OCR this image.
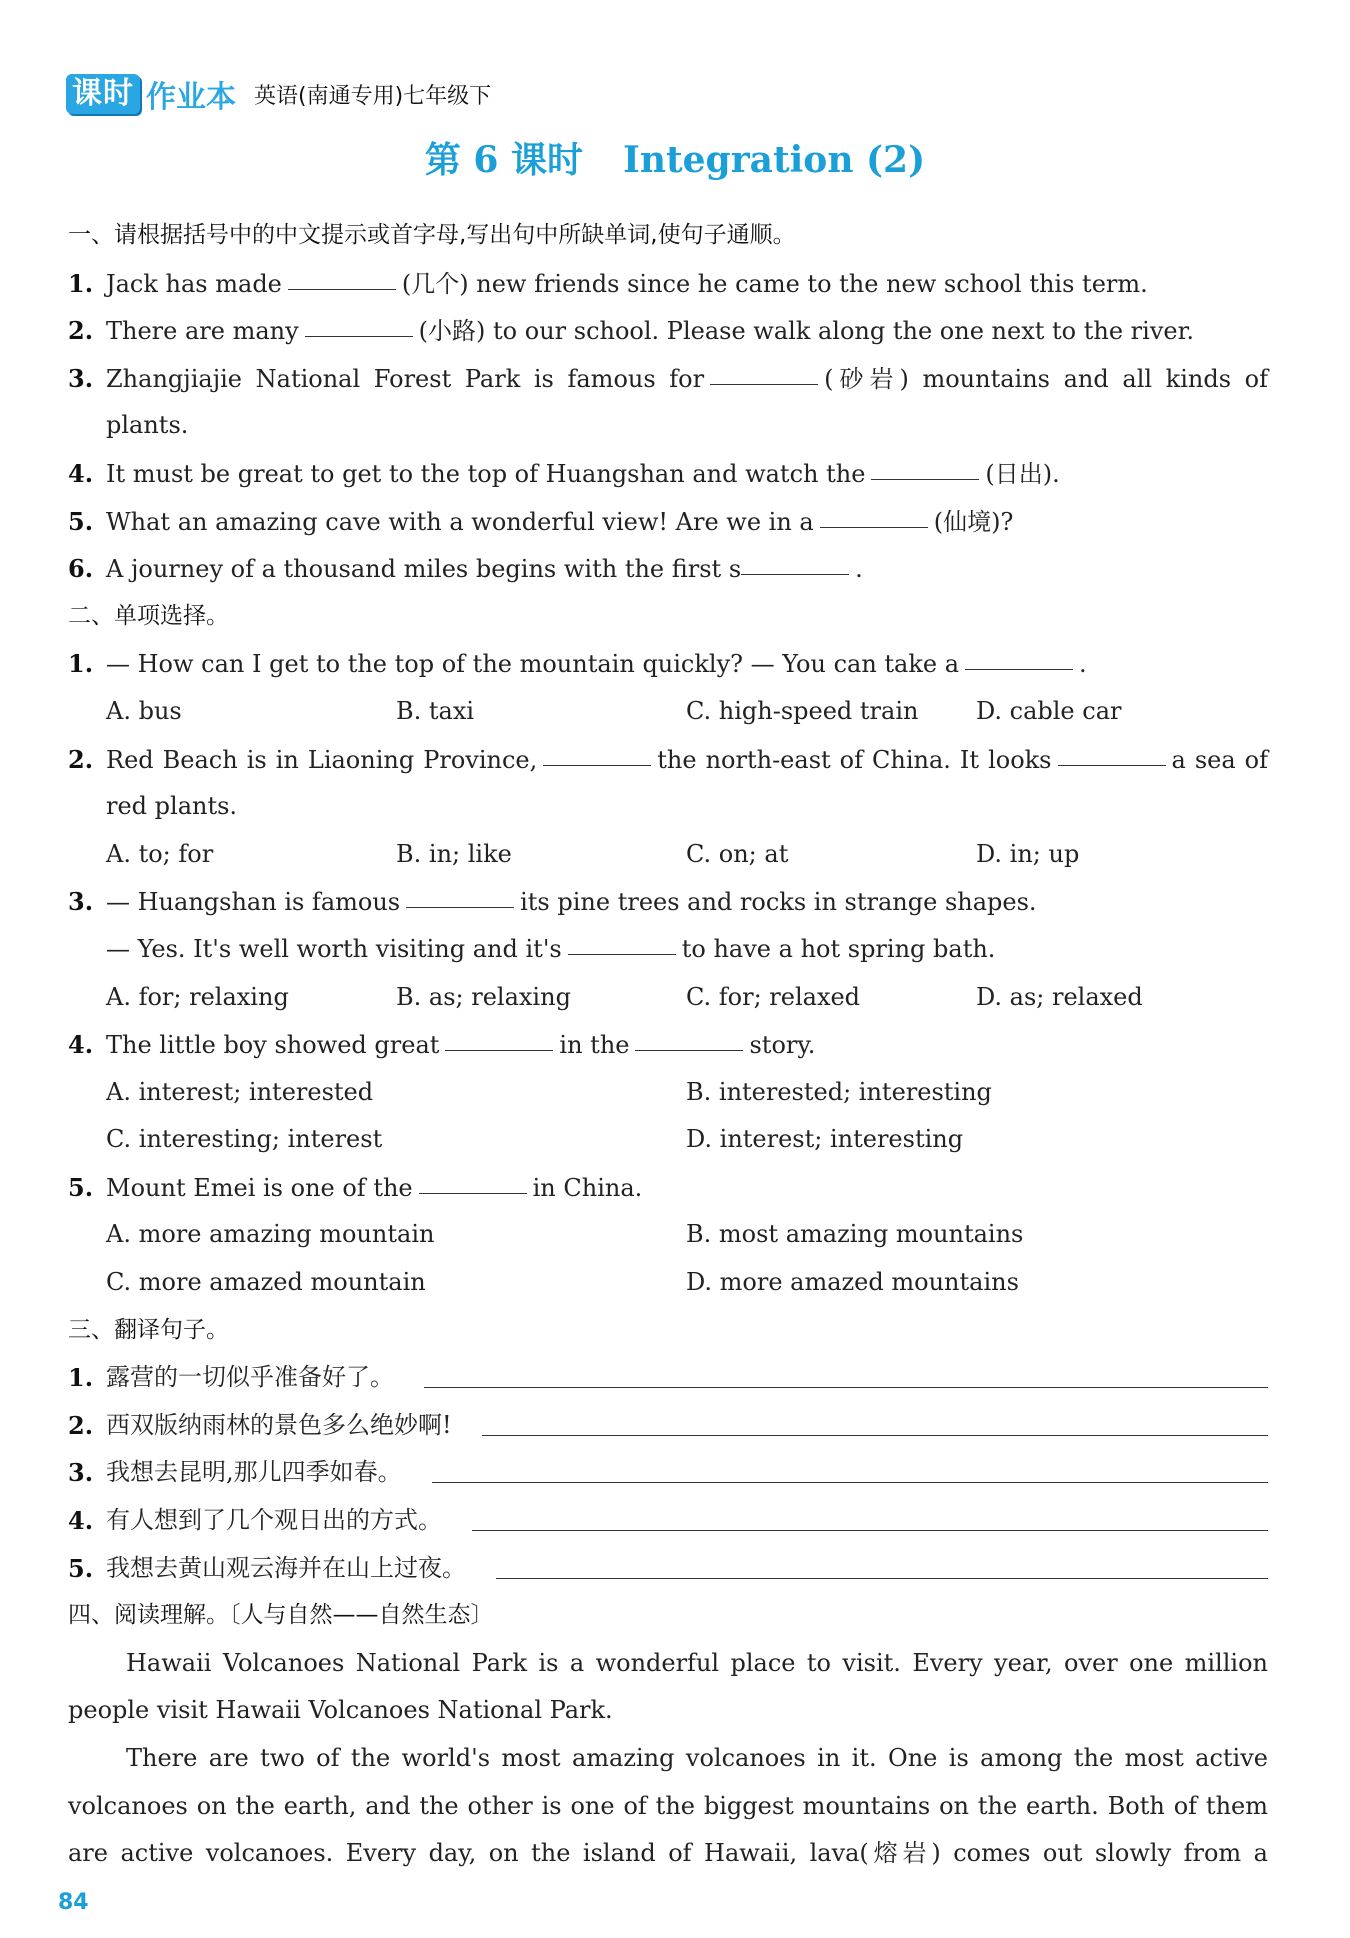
课时 作业本 英语(南通专用)七年级下
第 6 课时 Integration (2)
一、请根据括号中的中文提示或首字母,写出句中所缺单词,使句子通顺。
1. Jack has made	(几个) new friends since he came to the new school this term.
2. There are many	(小路) to our school. Please walk along the one next to the river.
3. Zhangjiajie National Forest Park is famous for	(砂岩) mountains and all kinds of
plants.
4. It must be great to get to the top of Huangshan and watch the	(日出).
5. What an amazing cave with a wonderful view! Are we in a	(仙境)?
6. A journey of a thousand miles begins with the first s	.
二、单项选择。
1. — How can I get to the top of the mountain quickly? — You can take a	.
A. bus	B. taxi	C. high-speed train	D. cable car
2. Red Beach is in Liaoning Province,	the north-east of China. It looks	a sea of
red plants.
A. to; for	B. in; like	C. on; at	D. in; up
3. — Huangshan is famous	its pine trees and rocks in strange shapes.
— Yes. It's well worth visiting and it's	to have a hot spring bath.
A. for; relaxing	B. as; relaxing	C. for; relaxed	D. as; relaxed
4. The little boy showed great	in the	story.
A. interest; interested	B. interested; interesting
C. interesting; interest	D. interest; interesting
5. Mount Emei is one of the	in China.
A. more amazing mountain	B. most amazing mountains
C. more amazed mountain	D. more amazed mountains
三、翻译句子。
1. 露营的一切似乎准备好了。
2. 西双版纳雨林的景色多么绝妙啊!
3. 我想去昆明,那儿四季如春。
4. 有人想到了几个观日出的方式。
5. 我想去黄山观云海并在山上过夜。
四、阅读理解。〔人与自然——自然生态〕
Hawaii Volcanoes National Park is a wonderful place to visit. Every year, over one million
people visit Hawaii Volcanoes National Park.
There are two of the world's most amazing volcanoes in it. One is among the most active
volcanoes on the earth, and the other is one of the biggest mountains on the earth. Both of them
are active volcanoes. Every day, on the island of Hawaii, lava(熔岩) comes out slowly from a
84
